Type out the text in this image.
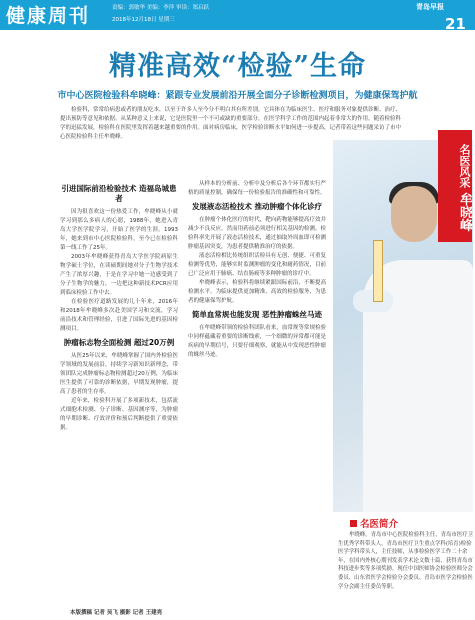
健康周刊	责编：郭敏华 美编：李萍 审读：郑启跃
2018年12月18日 星期三
青岛早报
21
精准高效“检验”生命
市中心医院检验科牟晓峰：紧跟专业发展前沿开展全面分子诊断检测项目，为健康保驾护航
检验科，常常给病患或者的朋友吃本，以至于许多人至今分不明白其有所差别。它具体在为临床医生、医疗和服务对象提供诊断、治疗、提出预防等意见和依据。从某种意义上来说，它是医院里一个不可或缺的重要部分，在医学科学工作的范围内起着非常大的作用。随着检验科学的迅猛发展，检验科在医院里发挥着越来越重要的作用。面对病房临床，医学检验诊断水平如何进一步提高，记者带着这些问题采访了市中心医院检验科主任牟晓峰。
引进国际前沿检验技术 造福岛城患者

因为很喜欢这一份热爱工作，牟晓峰从小就学习到那么多病人的心愿，1988年，她进入青岛大学医学院学习，开始了医学的生涯。1993年，她来到市中心医院检验科，至今已在检验科第一线工作了25年。

2003年牟晓峰获得青岛大学医学院病原生物学硕士学位，在读硕期间她对分子生物学技术产生了浓厚兴趣，于是在学习中她一边感受到了分子生物学的魅力，一边把这种新技术PCR应用到临床检验工作中去。

在检验医疗道路发展的几十年来，2016年和2018年牟晓峰多次赴美国学习和交流，学习前沿技术和管理经验，引进了国际先进的基因检测项目。

肿瘤标志物全面检测 超过20万例

从医25年以来，牟晓峰掌握了国内外检验医学领域的发展前沿，持续学习新知识新理念，带领团队完成肿瘤标志物检测超过20万例，为临床医生提供了可靠的诊断依据，早期发现肿瘤，提高了患者的生存率。

近年来，检验科开展了多项新技术，包括流式细胞术检测、分子诊断、基因测序等，为肿瘤的早期诊断、疗效评价和预后判断提供了重要依据。

从样本的分析前、分析中及分析后各个环节都实行严格的质量控制，确保每一份检验报告的准确性和可靠性。

发展液态活检技术 推动肿瘤个体化诊疗

在肿瘤个体化医疗的时代，靶向药物能够提高疗效并减少不良反应，然而用药前必须进行相关基因的检测。检验科率先开展了液态活检技术，通过抽取外周血即可检测肿瘤基因突变，为患者提供精准治疗的依据。

液态活检相比传统组织活检具有无创、便捷、可重复检测等优势，能够实时监测肿瘤的变化和耐药情况，目前已广泛应用于肺癌、结直肠癌等多种肿瘤的诊疗中。

牟晓峰表示，检验科将继续紧跟国际前沿，不断提高检测水平，为临床提供更加精准、高效的检验服务，为患者的健康保驾护航。

简单血常规也能发现 恶性肿瘤蛛丝马迹

在牟晓峰带领的检验科团队看来，血常规等常规检验中同样蕴藏着重要的诊断线索，一个细微的异常都可能是疾病的早期信号，只要仔细观察，就能从中发现恶性肿瘤的蛛丝马迹。

名医风采 牟晓峰
名医简介
牟晓峰，青岛市中心医院检验科主任，青岛市医疗卫生优秀学科带头人，青岛市医疗卫生重点学科(培育)检验医学学科带头人，主任技师，从事检验医学工作二十余年，在国内外核心期刊发表学术论文数十篇，获得青岛市科技进步奖等多项奖励。现任中国医师协会检验医师分会委员、山东省医学会检验分会委员、青岛市医学会检验医学分会副主任委员等职。
本版撰稿 记者 吴飞 摄影 记者 王建亮
